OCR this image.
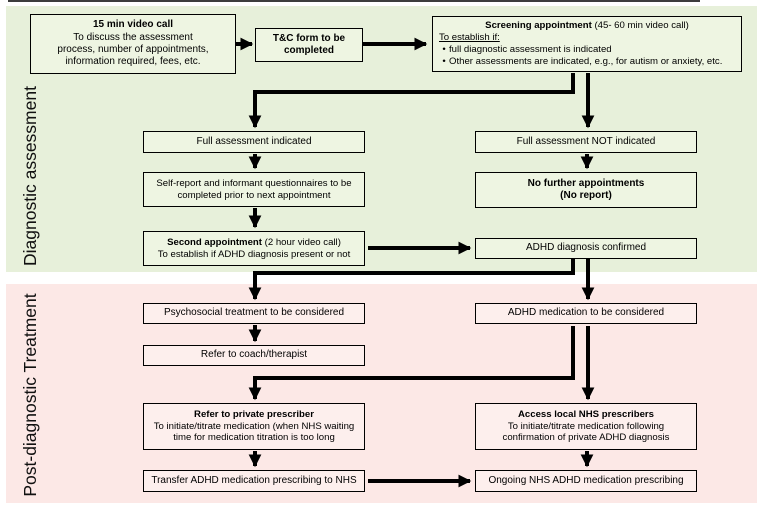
Diagnostic assessment
Post-diagnostic Treatment
15 min video call
To discuss the assessment
process, number of appointments,
information required, fees, etc.
T&C form to be completed
Screening appointment (45- 60 min video call)
To establish if:
• full diagnostic assessment is indicated
• Other assessments are indicated, e.g., for autism or anxiety, etc.
Full assessment indicated
Self-report and informant questionnaires to be
completed prior to next appointment
Second appointment (2 hour video call)
To establish if ADHD diagnosis present or not
Full assessment NOT indicated
No further appointments
(No report)
ADHD diagnosis confirmed
Psychosocial treatment to be considered
Refer to coach/therapist
Refer to private prescriber
To initiate/titrate medication (when NHS waiting
time for medication titration is too long
Transfer ADHD medication prescribing to NHS
ADHD medication to be considered
Access local NHS prescribers
To initiate/titrate medication following
confirmation of private ADHD diagnosis
Ongoing NHS ADHD medication prescribing
